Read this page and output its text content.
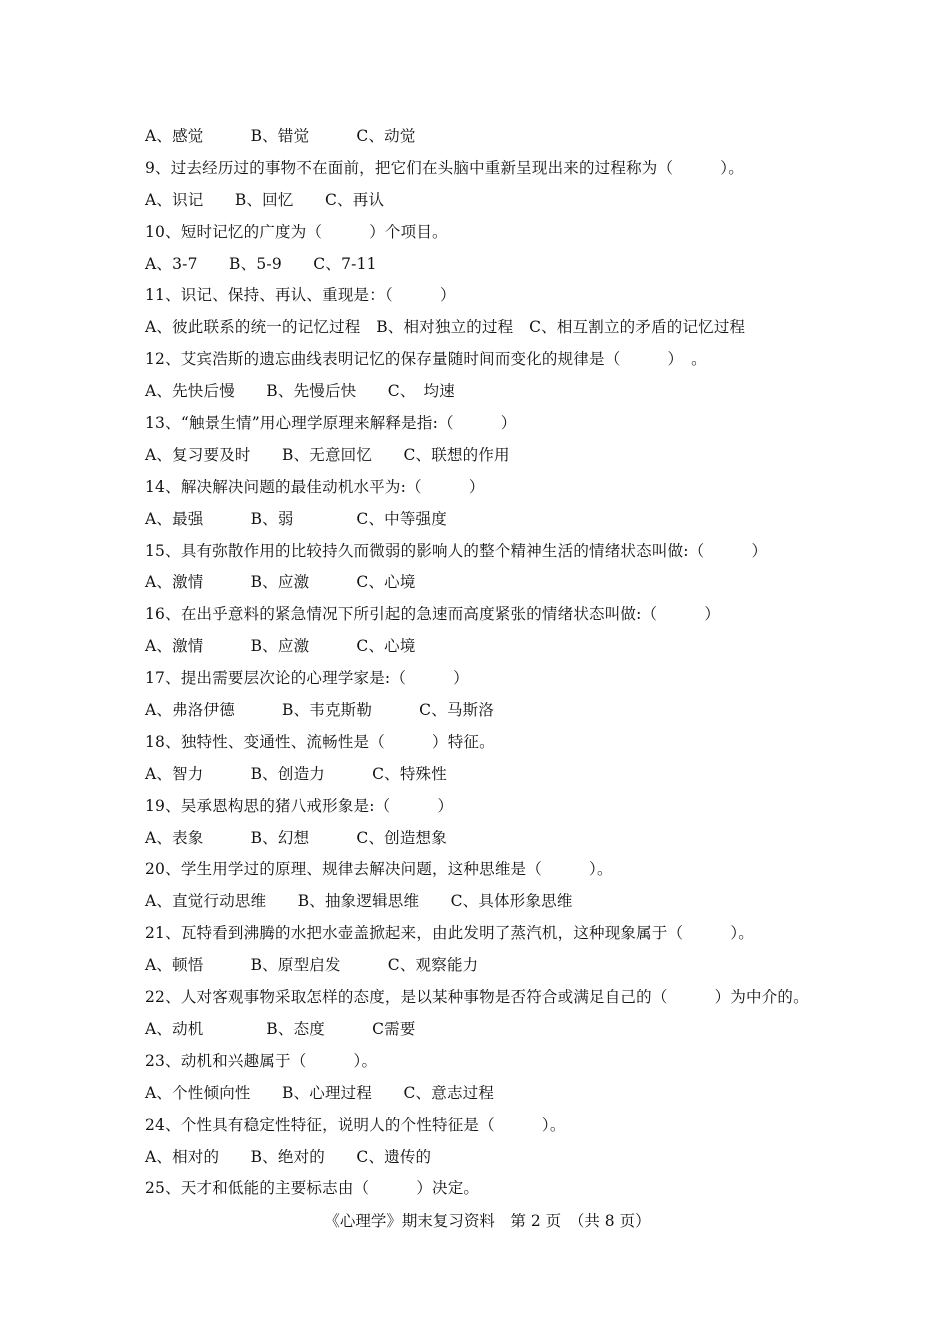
A、感觉　　　B、错觉　　　C、动觉
9、过去经历过的事物不在面前，把它们在头脑中重新呈现出来的过程称为（　　　）。
A、识记　　B、回忆　　C、再认
10、短时记忆的广度为（　　　）个项目。
A、3-7　　B、5-9　　C、7-11
11、识记、保持、再认、重现是：（　　　）
A、彼此联系的统一的记忆过程　B、相对独立的过程　C、相互割立的矛盾的记忆过程
12、艾宾浩斯的遗忘曲线表明记忆的保存量随时间而变化的规律是（　　　）　。
A、先快后慢　　B、先慢后快　　C、　均速
13、“触景生情”用心理学原理来解释是指:（　　　）
A、复习要及时　　B、无意回忆　　C、联想的作用
14、解决解决问题的最佳动机水平为:（　　　）
A、最强　　　B、弱　　　　C、中等强度
15、具有弥散作用的比较持久而微弱的影响人的整个精神生活的情绪状态叫做:（　　　）
A、激情　　　B、应激　　　C、心境
16、在出乎意料的紧急情况下所引起的急速而高度紧张的情绪状态叫做:（　　　）
A、激情　　　B、应激　　　C、心境
17、提出需要层次论的心理学家是:（　　　）
A、弗洛伊德　　　B、韦克斯勒　　　C、马斯洛
18、独特性、变通性、流畅性是（　　　）特征。
A、智力　　　B、创造力　　　C、特殊性
19、吴承恩构思的猪八戒形象是:（　　　）
A、表象　　　B、幻想　　　C、创造想象
20、学生用学过的原理、规律去解决问题，这种思维是（　　　）。
A、直觉行动思维　　B、抽象逻辑思维　　C、具体形象思维
21、瓦特看到沸腾的水把水壶盖掀起来，由此发明了蒸汽机，这种现象属于（　　　）。
A、顿悟　　　B、原型启发　　　C、观察能力
22、人对客观事物采取怎样的态度，是以某种事物是否符合或满足自己的（　　　）为中介的。
A、动机　　　　B、态度　　　C需要
23、动机和兴趣属于（　　　）。
A、个性倾向性　　B、心理过程　　C、意志过程
24、个性具有稳定性特征，说明人的个性特征是（　　　）。
A、相对的　　B、绝对的　　C、遗传的
25、天才和低能的主要标志由（　　　）决定。
《心理学》期末复习资料　第 2 页　（共 8 页）
